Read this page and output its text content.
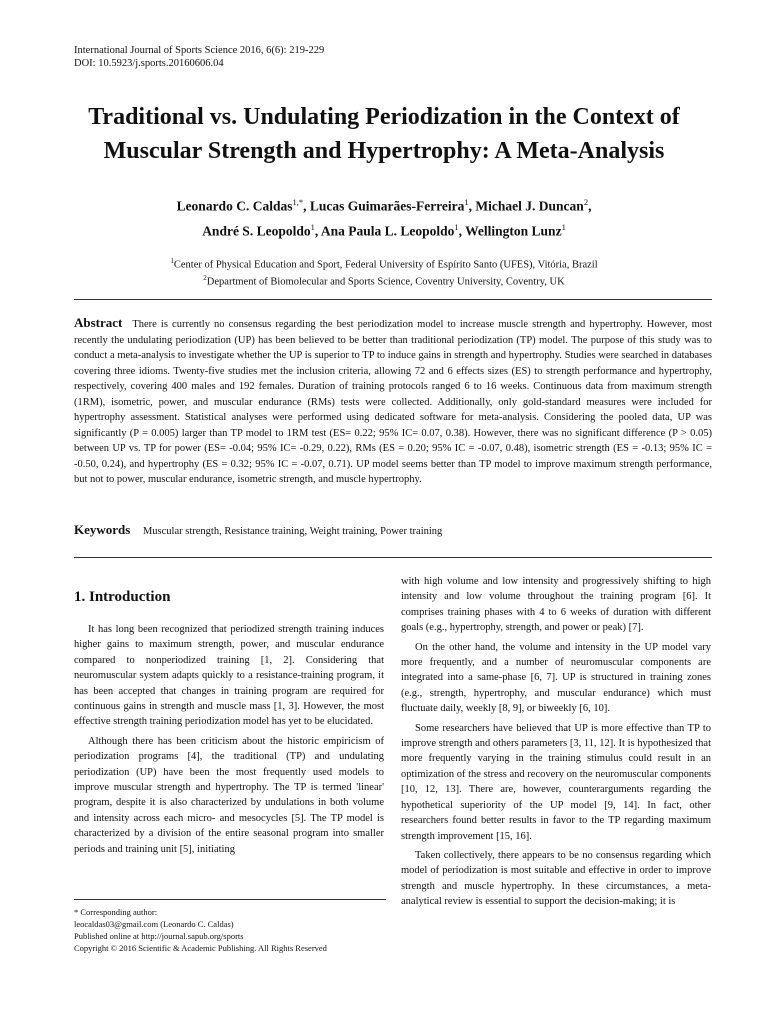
International Journal of Sports Science 2016, 6(6): 219-229
DOI: 10.5923/j.sports.20160606.04
Traditional vs. Undulating Periodization in the Context of
Muscular Strength and Hypertrophy: A Meta-Analysis
Leonardo C. Caldas$^{1,*}$, Lucas Guimarães-Ferreira$^1$, Michael J. Duncan$^2$,
André S. Leopoldo$^1$, Ana Paula L. Leopoldo$^1$, Wellington Lunz$^1$
$^1$Center of Physical Education and Sport, Federal University of Espírito Santo (UFES), Vitória, Brazil
$^2$Department of Biomolecular and Sports Science, Coventry University, Coventry, UK
Abstract There is currently no consensus regarding the best periodization model to increase muscle strength and hypertrophy. However, most recently the undulating periodization (UP) has been believed to be better than traditional periodization (TP) model. The purpose of this study was to conduct a meta-analysis to investigate whether the UP is superior to TP to induce gains in strength and hypertrophy. Studies were searched in databases covering three idioms. Twenty-five studies met the inclusion criteria, allowing 72 and 6 effects sizes (ES) to strength performance and hypertrophy, respectively, covering 400 males and 192 females. Duration of training protocols ranged 6 to 16 weeks. Continuous data from maximum strength (1RM), isometric, power, and muscular endurance (RMs) tests were collected. Additionally, only gold-standard measures were included for hypertrophy assessment. Statistical analyses were performed using dedicated software for meta-analysis. Considering the pooled data, UP was significantly (P = 0.005) larger than TP model to 1RM test (ES= 0.22; 95% IC= 0.07, 0.38). However, there was no significant difference (P > 0.05) between UP vs. TP for power (ES= -0.04; 95% IC= -0.29, 0.22), RMs (ES = 0.20; 95% IC = -0.07, 0.48), isometric strength (ES = -0.13; 95% IC = -0.50, 0.24), and hypertrophy (ES = 0.32; 95% IC = -0.07, 0.71). UP model seems better than TP model to improve maximum strength performance, but not to power, muscular endurance, isometric strength, and muscle hypertrophy.
Keywords Muscular strength, Resistance training, Weight training, Power training
1. Introduction

It has long been recognized that periodized strength training induces higher gains to maximum strength, power, and muscular endurance compared to nonperiodized training [1, 2]. Considering that neuromuscular system adapts quickly to a resistance-training program, it has been accepted that changes in training program are required for continuous gains in strength and muscle mass [1, 3]. However, the most effective strength training periodization model has yet to be elucidated.

Although there has been criticism about the historic empiricism of periodization programs [4], the traditional (TP) and undulating periodization (UP) have been the most frequently used models to improve muscular strength and hypertrophy. The TP is termed 'linear' program, despite it is also characterized by undulations in both volume and intensity across each micro- and mesocycles [5]. The TP model is characterized by a division of the entire seasonal program into smaller periods and training unit [5], initiating

with high volume and low intensity and progressively shifting to high intensity and low volume throughout the training program [6]. It comprises training phases with 4 to 6 weeks of duration with different goals (e.g., hypertrophy, strength, and power or peak) [7].

On the other hand, the volume and intensity in the UP model vary more frequently, and a number of neuromuscular components are integrated into a same-phase [6, 7]. UP is structured in training zones (e.g., strength, hypertrophy, and muscular endurance) which must fluctuate daily, weekly [8, 9], or biweekly [6, 10].

Some researchers have believed that UP is more effective than TP to improve strength and others parameters [3, 11, 12]. It is hypothesized that more frequently varying in the training stimulus could result in an optimization of the stress and recovery on the neuromuscular components [10, 12, 13]. There are, however, counterarguments regarding the hypothetical superiority of the UP model [9, 14]. In fact, other researchers found better results in favor to the TP regarding maximum strength improvement [15, 16].

Taken collectively, there appears to be no consensus regarding which model of periodization is most suitable and effective in order to improve strength and muscle hypertrophy. In these circumstances, a meta-analytical review is essential to support the decision-making; it is

* Corresponding author:
leocaldas03@gmail.com (Leonardo C. Caldas)
Published online at http://journal.sapub.org/sports
Copyright © 2016 Scientific & Academic Publishing. All Rights Reserved
